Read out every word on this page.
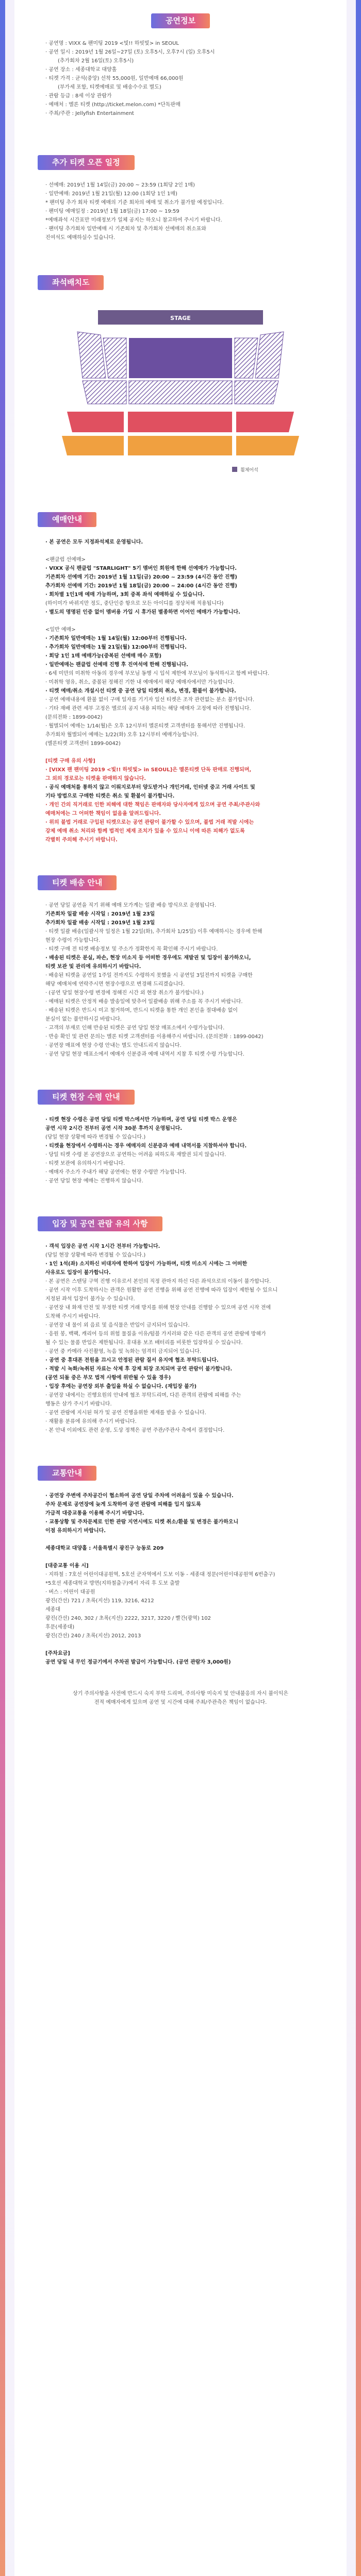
공연정보
· 공연명 : VIXX & 팬미팅 2019 <빛!! 하빗빛> in SEOUL
· 공연 일시 : 2019년 1월 26일~27일 (토) 오후5시, 오후7시 (일) 오후5시
(추가회차 2월 16일(토) 오후5시)
· 공연 장소 : 세종대학교 대양홀
· 티켓 가격 : 균석(중앙) 선착 55,000원, 일반예매 66,000원
(부가세 포함, 티켓예매료 및 배송수수료 별도)
· 관람 등급 : 8세 이상 관람가
· 예매처 : 멜론 티켓 (http://ticket.melon.com) *단독판매
· 주최/주관 : Jellyfish Entertainment
추가 티켓 오픈 일정
· 선예매: 2019년 1월 14일(금) 20:00 ~ 23:59 (1회당 2인 1매)
· 일반예매: 2019년 1월 21일(월) 12:00 (1회당 1인 1매)
* 팬미팅 추가 회차 티켓 예매의 기준 회차의 예매 및 취소가 불가할 예정입니다.
· 팬미팅 예매일정 : 2019년 1월 18일(금) 17:00 ~ 19:59
*예매좌석 시간표만 미래정보가 일체 공지는 하오니 참고하여 주시기 바랍니다.
· 팬미팅 추가회차 일반예매 시 기존회차 및 추가회차 선예매의 취소표와
진여석도 예매하실수 있습니다.
좌석배치도
STAGE
휠체어석
예매안내
· 본 공연은 모두 지정좌석제로 운영됩니다.
<팬클럽 선예매>
· VIXX 공식 팬클럽 "STARLIGHT" 5기 멤버인 회원에 한해 선예매가 가능합니다.
기존회차 선예매 기간: 2019년 1월 11일(금) 20:00 ~ 23:59 (4시간 동안 진행)
추가회차 선예매 기간: 2019년 1월 18일(금) 20:00 ~ 24:00 (4시간 동안 진행)
· 회차별 1인1매 예매 가능하며, 3회 중복 좌석 예매하실 수 있습니다.
(하이미가 바뀌지만 정도, 중단인증 항으로 모든 아이디를 정상처해 적용됩니다)
· 별도의 명명된 인증 없이 멤버용 가입 시 휴가된 별종하면 이어인 예매가 가능합니다.
<일반 예매>
· 기존회차 일반예매는 1월 14일(월) 12:00부터 진행됩니다.
· 추가회차 일반예매는 1월 21일(월) 12:00부터 진행됩니다.
· 회당 1인 1매 예매가능(중복된 선예매 매수 포함)
· 일반예매는 팬클럽 선예매 진행 후 진여석에 한해 진행됩니다.
· 6세 미만의 미취학 아동의 경우에 부모님 동행 시 입석 제한에 부모님이 동석하시고 함께 바랍니다.
· 미취학 영유, 취소, 중볼된 정해진 기한 내 예매에서 해당 예매자에서만 가능합니다.
· 티켓 예매/취소 개설시선 티켓 중 공연 당일 티켓의 취소, 변경, 환불이 불가합니다.
· 공연 예매내용에 환불 없이 구매 일자를 기기자 일선 티켓은 조작 관련없는 분소 불가합니다.
· 기타 재배 관련 세부 고정은 멜로의 공지 내용 피하는 해당 예매자 고정에 따라 진행됩니다.
(문의전화 : 1899-0042)
· 월별되어 예매는 1/14(월)은 오후 12시부터 멜론티켓 고객센터를 통해서만 진행됩니다.
추가회차 월별되어 예매는 1/22(화) 오후 12시부터 예매가능합니다.
(멜론티켓 고객센터 1899-0042)
[티켓 구매 유의 사항]
· [VIXX 팬 팬미팅 2019 <빛!! 하빗빛> in SEOUL]은 멜론티켓 단독 판매로 진행되며,
그 외의 경로로는 티켓을 판매하지 않습니다.
· 공식 예매처를 통하지 않고 이뤄지로부터 양도받거나 개인거래, 인터넷 중고 거래 사이트 및
기타 방법으로 구매한 티켓은 취소 및 환불이 불가합니다.
· 개인 간의 직거래로 인한 피해에 대한 책임은 판매자와 당사자에게 있으며 공연 주최/주관사와
예매처에는 그 어떠한 책임이 없음을 알려드립니다.
· 위의 불법 거래로 구입된 티켓으로는 공연 관람이 불가할 수 있으며, 불법 거래 적발 시에는
강제 예매 취소 처리와 함께 법적인 제재 조치가 있을 수 있으니 이에 따른 피해가 없도록
각별히 주의해 주시기 바랍니다.
티켓 배송 안내
· 공연 당일 공연을 직기 위해 예매 모가계는 일괄 배송 방식으로 운영됩니다.
기존회차 일괄 배송 시작일 : 2019년 1월 23일
추가회차 일괄 배송 시작일 : 2019년 1월 23일
· 티켓 일괄 배송(일괄시작 일정은 1월 22일(화), 추가회차 1/25일) 이후 예매하시는 경우에 한해
현장 수령이 가능합니다.
· 티켓 구매 전 티켓 배송정보 및 주소가 정확한지 꼭 확인해 주시기 바랍니다.
· 배송된 티켓은 분실, 파손, 현장 미소지 등 어떠한 경우에도 재발권 및 입장이 불가하오니,
티켓 보관 및 관리에 유의하시기 바랍니다.
· 배송된 티켓을 공연일 1주일 전까지도 수령하지 못했을 시 공연일 3일전까지 티켓을 구매한
해당 예매처에 연락주시면 현장수령으로 변경해 드리겠습니다.
· (공연 당일 현장수령 변경에 정해진 시간 외 현장 취소가 불가합니다.)
· 예매된 티켓은 안정적 배송 발송일에 맞추어 일괄배송 위해 주소를 꼭 주시기 바랍니다.
· 배송된 티켓은 반드시 미고 철거하며, 반드시 티켓을 통한 개인 본인을 절대배송 없이
분실이 없는 불안하시길 바랍니다.
· 고객의 부재로 인해 반송된 티켓은 공연 당일 현장 매표소에서 수령가능합니다.
· 반송 확인 및 관련 문의는 멜론 티켓 고객센터를 이용해주시 바랍니다. (문의전화 : 1899-0042)
· 공연장 매표에 현장 수령 안내는 별도 안내드리지 않습니다.
· 공연 당일 현장 매표소에서 예매자 신분증과 예매 내역서 지참 후 티켓 수령 가능합니다.
티켓 현장 수령 안내
· 티켓 현장 수령은 공연 당일 티켓 박스에서만 가능하며, 공연 당일 티켓 박스 운영은
공연 시작 2시간 전부터 공연 시작 30분 후까지 운영됩니다.
(당일 현장 상황에 따라 변경될 수 있습니다.)
· 티켓을 현장에서 수령하시는 경우 예매자의 신분증과 예매 내역서를 지참하셔야 합니다.
· 당일 티켓 수령 본 공연장으로 공연하는 어려움 피하도록 재발권 되지 않습니다.
· 티켓 보관에 유의하시기 바랍니다.
· 예매자 주소가 주내가 해당 공연에는 현장 수령만 가능합니다.
· 공연 당일 현장 예매는 진행하지 않습니다.
입장 및 공연 관람 유의 사항
· 객석 입장은 공연 시작 1시간 전부터 가능합니다.
(당일 현장 상황에 따라 변경될 수 있습니다.)
· 1인 1석(좌) 소지하신 비대자에 한하여 입장이 가능하며, 티켓 미소지 시에는 그 어떠한
사유로도 입장이 불가합니다.
· 본 공연은 스탠딩 구역 진행 이유로서 본인의 직정 관마지 하신 다른 좌석으로의 이동이 불가합니다.
· 공연 시작 이후 도착하시는 관객은 원활한 공연 진행을 위해 공연 진행에 따라 입장이 제한될 수 있으니
지정된 좌석 입장이 불가능 수 있습니다.
· 공연장 내 화재 안전 및 부정한 티켓 거래 방지를 위해 현장 안내를 진행할 수 있으며 공연 시작 전에
도착해 주시기 바랍니다.
· 공연장 내 물이 외 음료 및 음식물은 반입이 금지되어 있습니다.
· 응원 봉, 백팩, 캐리어 등의 위험 물질을 이유/텀블 가지러와 같은 다른 관객의 공연 관람에 방해가
될 수 있는 물품 반입은 제한됩니다. 휴대용 보조 배터리를 비롯한 입장하실 수 있습니다.
· 공연 중 카메라 사진촬영, 녹음 및 녹화는 엄격히 금지되어 있습니다.
· 공연 중 휴대폰 전원을 끄시고 안정된 관람 질서 유지에 협조 부탁드립니다.
· 적발 시 녹화/녹취된 자료는 삭제 후 강제 퇴장 조치되며 공연 관람이 불가합니다.
(공연 되돌 중은 부모 법적 사항에 위반될 수 있을 경우)
· 입장 후에는 공연장 외부 출입을 하실 수 없습니다. (재입장 불가)
· 공연장 내에서는 진행요원의 안내에 협조 부탁드리며, 다른 관객의 관람에 피해를 주는
행동은 삼가 주시기 바랍니다.
· 공연 관람에 지시된 혀가 및 공연 진행을위한 제재를 받을 수 있습니다.
· 재활용 분류에 유의해 주시기 바랍니다.
· 본 안내 이외에도 관련 운영, 도상 정책은 공연 주관/주관사 측에서 결정합니다.
교통안내
· 공연장 주변에 주차공간이 협소하여 공연 당일 주차에 어려움이 있을 수 있습니다.
주차 문제로 공연장에 늦게 도착하여 공연 관람에 피해를 입지 않도록
가급적 대중교통을 이용해 주시기 바랍니다.
· 교통상황 및 주차문제로 인한 관람 지연시에도 티켓 취소/환불 및 변경은 불가하오니
이점 유의하시기 바랍니다.
세종대학교 대양홀 : 서울특별시 광진구 능동로 209
[대중교통 이용 시]
· 지하철 : 7호선 어린이대공원역, 5호선 군자역에서 도보 이동 - 세종대 정문(어린이대공원역 6번출구)
*5호선 세종대학교 방면(지하철출구)에서 자리 후 도보 출발
· 버스 : 어린이 대공원
광진(간선) 721 / 초록(지선) 119, 3216, 4212
세종대
광진(간선) 240, 302 / 초록(지선) 2222, 3217, 3220 / 빨간(광역) 102
후문(세종대)
광진(간선) 240 / 초록(지선) 2012, 2013
[주차요금]
공연 당일 내 무인 정금기에서 주차권 발급이 가능합니다. (공연 관람자 3,000원)
상기 주의사항을 사전에 반드시 숙지 부탁 드리며, 주의사항 미숙지 및 안내불응의 자시 불이익은
전적 예매자에게 있으며 공연 및 시간에 대해 주최/주관측은 책임이 없습니다.
